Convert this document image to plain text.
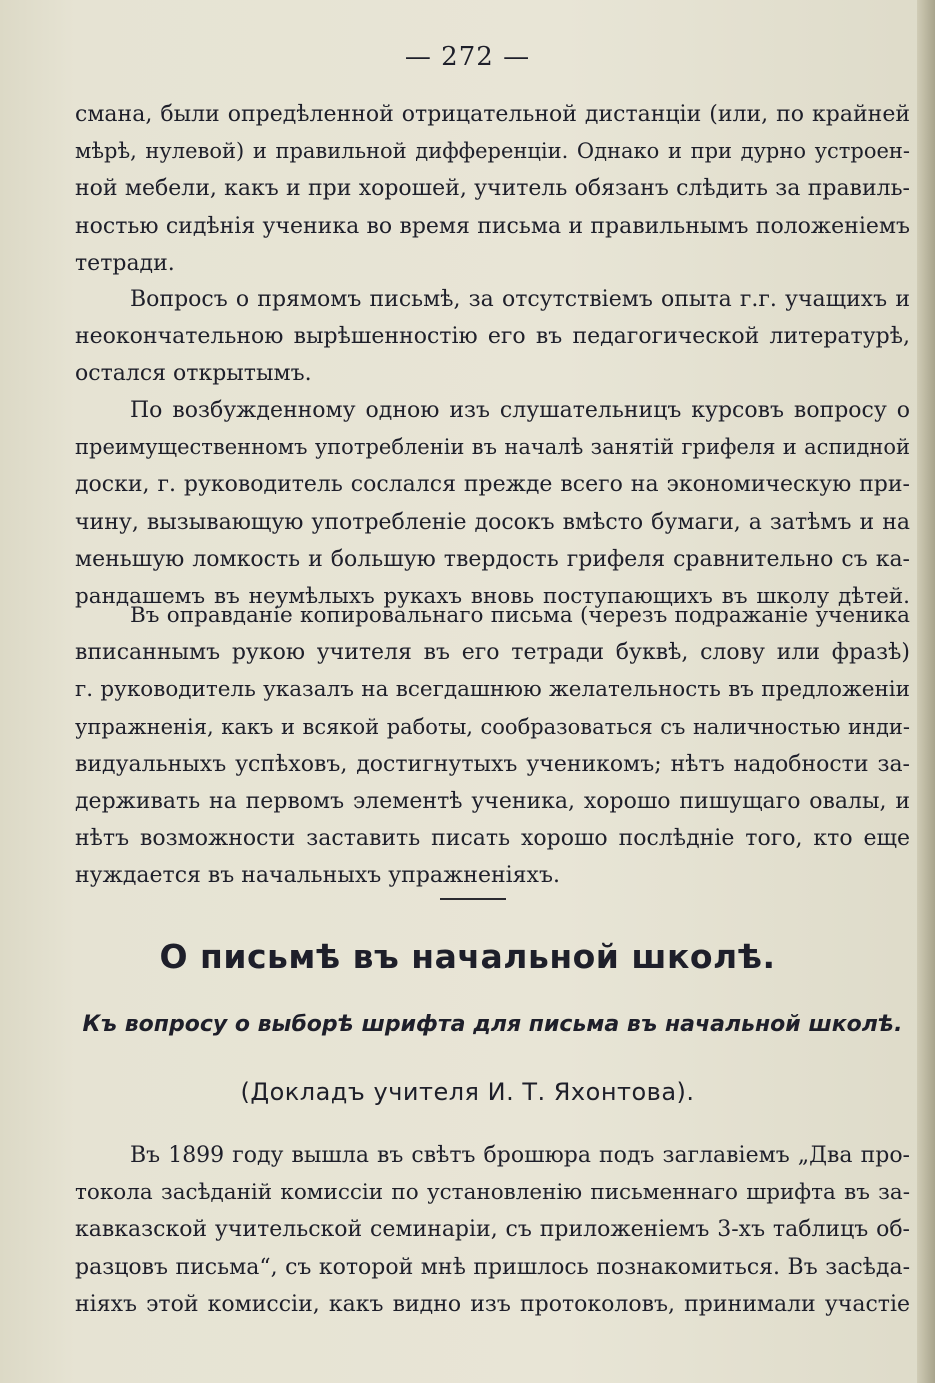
— 272 —
смана, были опредѣленной отрицательной дистанціи (или, по крайней
мѣрѣ, нулевой) и правильной дифференціи. Однако и при дурно устроен-
ной мебели, какъ и при хорошей, учитель обязанъ слѣдить за правиль-
ностью сидѣнія ученика во время письма и правильнымъ положеніемъ
тетради.
Вопросъ о прямомъ письмѣ, за отсутствіемъ опыта г.г. учащихъ и
неокончательною вырѣшенностію его въ педагогической литературѣ,
остался открытымъ.
По возбужденному одною изъ слушательницъ курсовъ вопросу о
преимущественномъ употребленіи въ началѣ занятій грифеля и аспидной
доски, г. руководитель сослался прежде всего на экономическую при-
чину, вызывающую употребленіе досокъ вмѣсто бумаги, а затѣмъ и на
меньшую ломкость и большую твердость грифеля сравнительно съ ка-
рандашемъ въ неумѣлыхъ рукахъ вновь поступающихъ въ школу дѣтей.
Въ оправданіе копировальнаго письма (черезъ подражаніе ученика
вписаннымъ рукою учителя въ его тетради буквѣ, слову или фразѣ)
г. руководитель указалъ на всегдашнюю желательность въ предложеніи
упражненія, какъ и всякой работы, сообразоваться съ наличностью инди-
видуальныхъ успѣховъ, достигнутыхъ ученикомъ; нѣтъ надобности за-
держивать на первомъ элементѣ ученика, хорошо пишущаго овалы, и
нѣтъ возможности заставить писать хорошо послѣдніе того, кто еще
нуждается въ начальныхъ упражненіяхъ.
О письмѣ въ начальной школѣ.
Къ вопросу о выборѣ шрифта для письма въ начальной школѣ.
(Докладъ учителя И. Т. Яхонтова).
Въ 1899 году вышла въ свѣтъ брошюра подъ заглавіемъ „Два про-
токола засѣданій комиссіи по установленію письменнаго шрифта въ за-
кавказской учительской семинаріи, съ приложеніемъ 3-хъ таблицъ об-
разцовъ письма“, съ которой мнѣ пришлось познакомиться. Въ засѣда-
ніяхъ этой комиссіи, какъ видно изъ протоколовъ, принимали участіе
